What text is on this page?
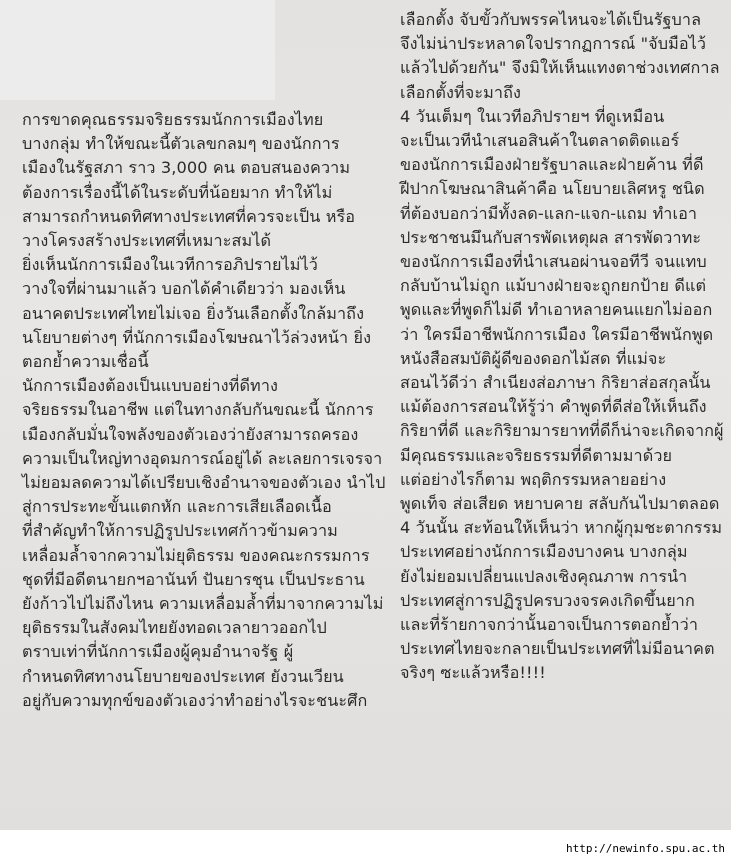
การขาดคุณธรรมจริยธรรมนักการเมืองไทย

บางกลุ่ม ทำให้ขณะนี้ตัวเลขกลมๆ ของนักการ

เมืองในรัฐสภา ราว 3,000 คน ตอบสนองความ

ต้องการเรื่องนี้ได้ในระดับที่น้อยมาก ทำให้ไม่

สามารถกำหนดทิศทางประเทศที่ควรจะเป็น หรือ

วางโครงสร้างประเทศที่เหมาะสมได้

ยิ่งเห็นนักการเมืองในเวทีการอภิปรายไม่ไว้

วางใจที่ผ่านมาแล้ว บอกได้คำเดียวว่า มองเห็น

อนาคตประเทศไทยไม่เจอ ยิ่งวันเลือกตั้งใกล้มาถึง

นโยบายต่างๆ ที่นักการเมืองโฆษณาไว้ล่วงหน้า ยิ่ง

ตอกย้ำความเชื่อนี้

นักการเมืองต้องเป็นแบบอย่างที่ดีทาง

จริยธรรมในอาชีพ แต่ในทางกลับกันขณะนี้ นักการ

เมืองกลับมั่นใจพลังของตัวเองว่ายังสามารถครอง

ความเป็นใหญ่ทางอุดมการณ์อยู่ได้ ละเลยการเจรจา

ไม่ยอมลดความได้เปรียบเชิงอำนาจของตัวเอง นำไป

สู่การประทะขั้นแตกหัก และการเสียเลือดเนื้อ

ที่สำคัญทำให้การปฏิรูปประเทศก้าวข้ามความ

เหลื่อมล้ำจากความไม่ยุติธรรม ของคณะกรรมการ

ชุดที่มีอดีตนายกฯอานันท์ ปันยารชุน เป็นประธาน

ยังก้าวไปไม่ถึงไหน ความเหลื่อมล้ำที่มาจากความไม่

ยุติธรรมในสังคมไทยยังทอดเวลายาวออกไป

ตราบเท่าที่นักการเมืองผู้คุมอำนาจรัฐ ผู้

กำหนดทิศทางนโยบายของประเทศ ยังวนเวียน

อยู่กับความทุกข์ของตัวเองว่าทำอย่างไรจะชนะศึก

เลือกตั้ง จับขั้วกับพรรคไหนจะได้เป็นรัฐบาล

จึงไม่น่าประหลาดใจปรากฏการณ์ "จับมือไว้

แล้วไปด้วยกัน" จึงมิให้เห็นแทงตาช่วงเทศกาล

เลือกตั้งที่จะมาถึง

4 วันเต็มๆ ในเวทีอภิปรายฯ ที่ดูเหมือน

จะเป็นเวทีนำเสนอสินค้าในตลาดติดแอร์

ของนักการเมืองฝ่ายรัฐบาลและฝ่ายค้าน ที่ดี

ฝีปากโฆษณาสินค้าคือ นโยบายเลิศหรู ชนิด

ที่ต้องบอกว่ามีทั้งลด-แลก-แจก-แถม ทำเอา

ประชาชนมึนกับสารพัดเหตุผล สารพัดวาทะ

ของนักการเมืองที่นำเสนอผ่านจอทีวี จนแทบ

กลับบ้านไม่ถูก แม้บางฝ่ายจะถูกยกป้าย ดีแต่

พูดและที่พูดก็ไม่ดี ทำเอาหลายคนแยกไม่ออก

ว่า ใครมีอาชีพนักการเมือง ใครมีอาชีพนักพูด

หนังสือสมบัติผู้ดีของดอกไม้สด ที่แม่จะ

สอนไว้ดีว่า สำเนียงส่อภาษา กิริยาส่อสกุลนั้น

แม้ต้องการสอนให้รู้ว่า คำพูดที่ดีส่อให้เห็นถึง

กิริยาที่ดี และกิริยามารยาทที่ดีก็น่าจะเกิดจากผู้

มีคุณธรรมและจริยธรรมที่ดีตามมาด้วย

แต่อย่างไรก็ตาม พฤติกรรมหลายอย่าง

พูดเท็จ ส่อเสียด หยาบคาย สลับกันไปมาตลอด

4 วันนั้น สะท้อนให้เห็นว่า หากผู้กุมชะตากรรม

ประเทศอย่างนักการเมืองบางคน บางกลุ่ม

ยังไม่ยอมเปลี่ยนแปลงเชิงคุณภาพ การนำ

ประเทศสู่การปฏิรูปครบวงจรคงเกิดขึ้นยาก

และที่ร้ายกาจกว่านั้นอาจเป็นการตอกย้ำว่า

ประเทศไทยจะกลายเป็นประเทศที่ไม่มีอนาคต

จริงๆ ซะแล้วหรือ!!!!

http://newinfo.spu.ac.th
